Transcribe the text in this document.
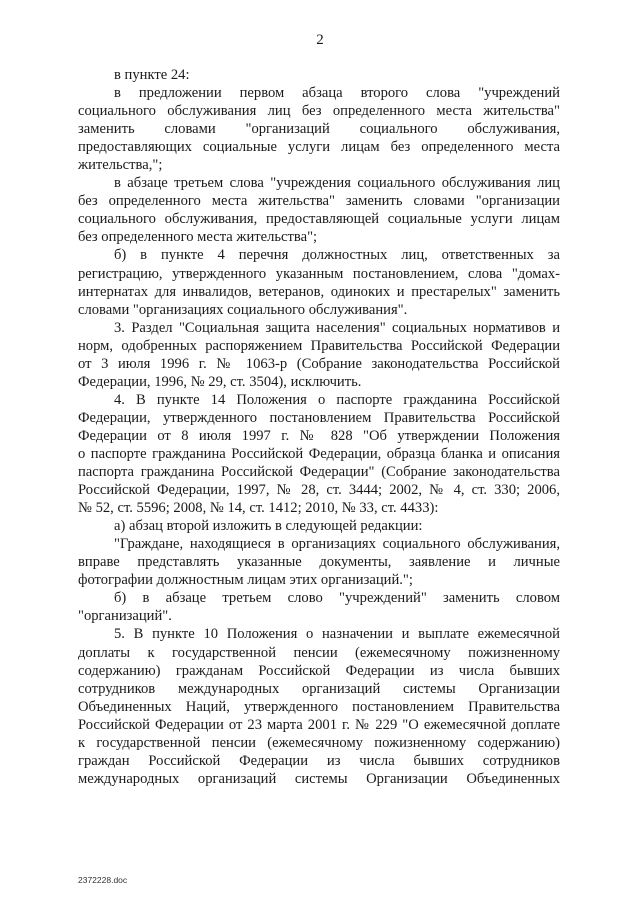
2
в пункте 24:
в предложении первом абзаца второго слова "учреждений
социального обслуживания лиц без определенного места жительства"
заменить словами "организаций социального обслуживания,
предоставляющих социальные услуги лицам без определенного места
жительства,";
в абзаце третьем слова "учреждения социального обслуживания лиц
без определенного места жительства" заменить словами "организации
социального обслуживания, предоставляющей социальные услуги лицам
без определенного места жительства";
б) в пункте 4 перечня должностных лиц, ответственных за
регистрацию, утвержденного указанным постановлением, слова "домах-
интернатах для инвалидов, ветеранов, одиноких и престарелых" заменить
словами "организациях социального обслуживания".
3. Раздел "Социальная защита населения" социальных нормативов и
норм, одобренных распоряжением Правительства Российской Федерации
от 3 июля 1996 г. № 1063-р (Собрание законодательства Российской
Федерации, 1996, № 29, ст. 3504), исключить.
4. В пункте 14 Положения о паспорте гражданина Российской
Федерации, утвержденного постановлением Правительства Российской
Федерации от 8 июля 1997 г. № 828 "Об утверждении Положения
о паспорте гражданина Российской Федерации, образца бланка и описания
паспорта гражданина Российской Федерации" (Собрание законодательства
Российской Федерации, 1997, № 28, ст. 3444; 2002, № 4, ст. 330; 2006,
№ 52, ст. 5596; 2008, № 14, ст. 1412; 2010, № 33, ст. 4433):
а) абзац второй изложить в следующей редакции:
"Граждане, находящиеся в организациях социального обслуживания,
вправе представлять указанные документы, заявление и личные
фотографии должностным лицам этих организаций.";
б) в абзаце третьем слово "учреждений" заменить словом
"организаций".
5. В пункте 10 Положения о назначении и выплате ежемесячной
доплаты к государственной пенсии (ежемесячному пожизненному
содержанию) гражданам Российской Федерации из числа бывших
сотрудников международных организаций системы Организации
Объединенных Наций, утвержденного постановлением Правительства
Российской Федерации от 23 марта 2001 г. № 229 "О ежемесячной доплате
к государственной пенсии (ежемесячному пожизненному содержанию)
граждан Российской Федерации из числа бывших сотрудников
международных организаций системы Организации Объединенных
2372228.doc
